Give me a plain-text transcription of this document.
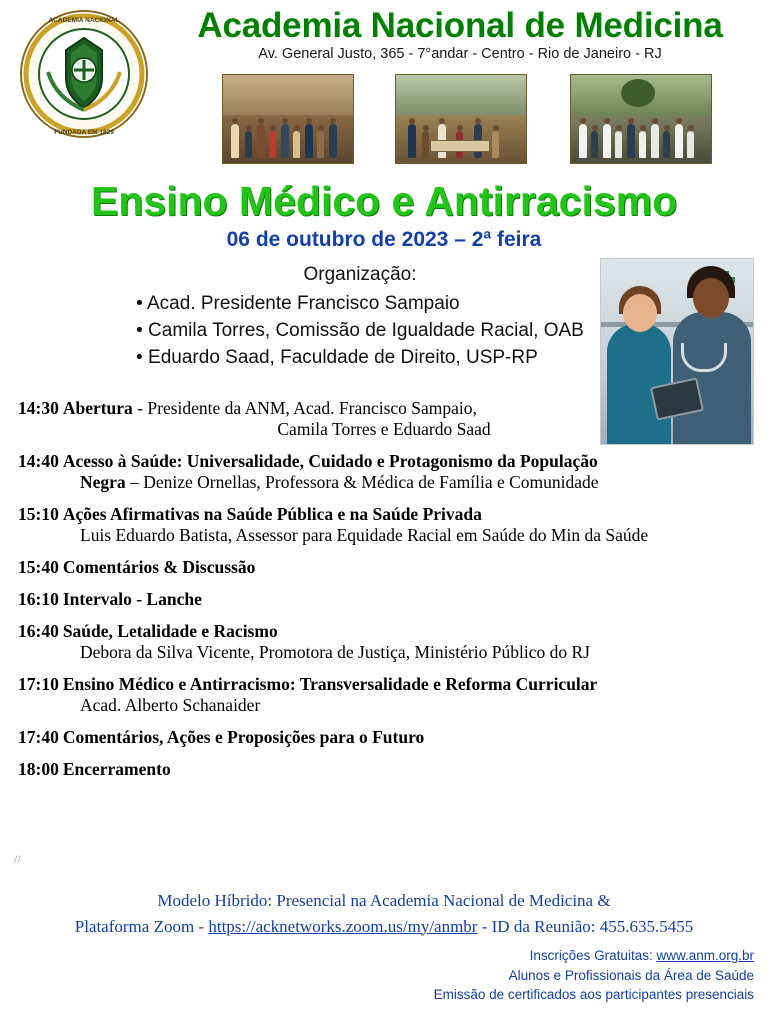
ACADEMIA NACIONAL
FUNDADA EM 1829
Academia Nacional de Medicina
Av. General Justo, 365 - 7°andar - Centro - Rio de Janeiro - RJ
Ensino Médico e Antirracismo
06 de outubro de 2023 – 2ª feira
Organização:
• Acad. Presidente Francisco Sampaio
• Camila Torres, Comissão de Igualdade Racial, OAB
• Eduardo Saad, Faculdade de Direito, USP-RP
14:30 Abertura - Presidente da ANM, Acad. Francisco Sampaio,
Camila Torres e Eduardo Saad
14:40 Acesso à Saúde: Universalidade, Cuidado e Protagonismo da População
Negra – Denize Ornellas, Professora & Médica de Família e Comunidade
15:10 Ações Afirmativas na Saúde Pública e na Saúde Privada
Luis Eduardo Batista, Assessor para Equidade Racial em Saúde do Min da Saúde
15:40 Comentários & Discussão
16:10 Intervalo - Lanche
16:40 Saúde, Letalidade e Racismo
Debora da Silva Vicente, Promotora de Justiça, Ministério Público do RJ
17:10 Ensino Médico e Antirracismo: Transversalidade e Reforma Curricular
Acad. Alberto Schanaider
17:40 Comentários, Ações e Proposições para o Futuro
18:00 Encerramento
//
Modelo Híbrido: Presencial na Academia Nacional de Medicina &
Plataforma Zoom - https://acknetworks.zoom.us/my/anmbr - ID da Reunião: 455.635.5455
Inscrições Gratuitas: www.anm.org.br
Alunos e Profissionais da Área de Saúde
Emissão de certificados aos participantes presenciais
